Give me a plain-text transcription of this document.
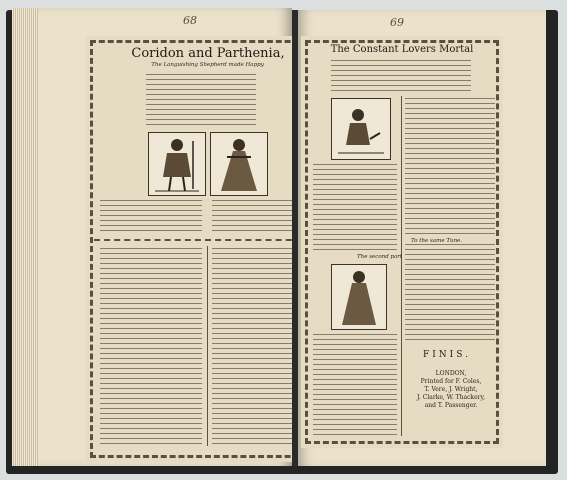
68
Coridon and Parthenia,
The Languishing Shepherd made Happy.
69
The Constant Lovers Mortal
The second part
To the same Tune.
FINIS.
LONDON,
Printed for F. Coles,
T. Vere, J. Wright,
J. Clarke, W. Thackery,
and T. Passenger.
